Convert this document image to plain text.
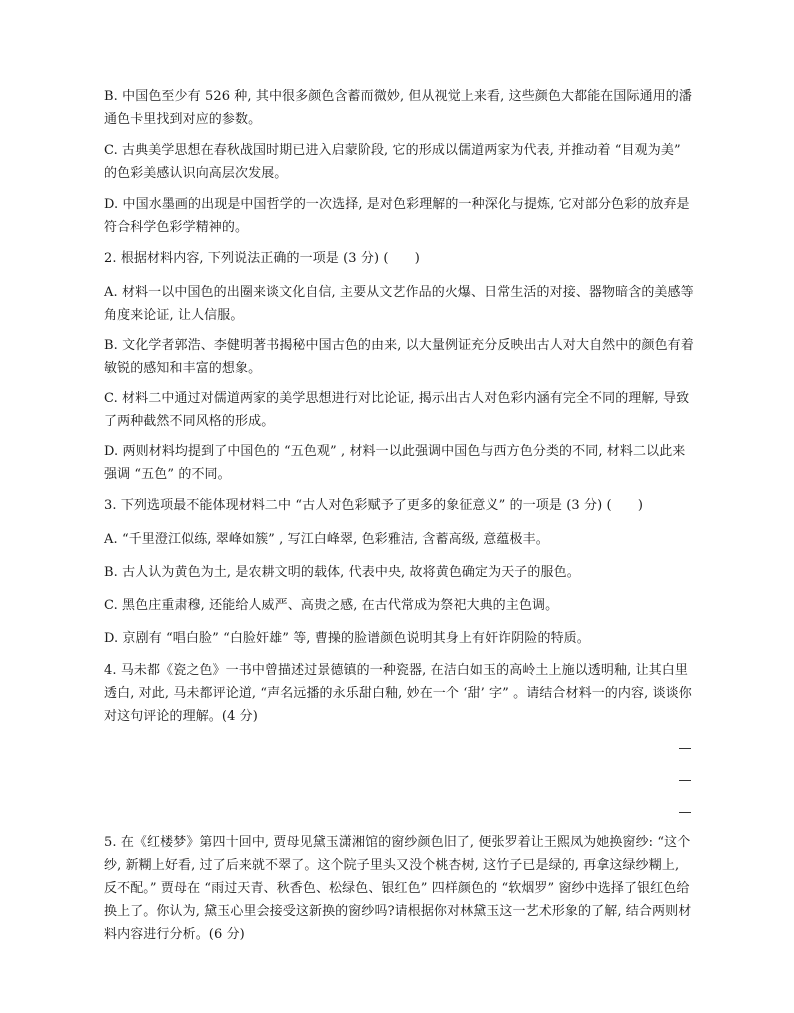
B. 中国色至少有 526 种, 其中很多颜色含蓄而微妙, 但从视觉上来看, 这些颜色大都能在国际通用的潘通色卡里找到对应的参数。

C. 古典美学思想在春秋战国时期已进入启蒙阶段, 它的形成以儒道两家为代表, 并推动着 “目观为美” 的色彩美感认识向高层次发展。

D. 中国水墨画的出现是中国哲学的一次选择, 是对色彩理解的一种深化与提炼, 它对部分色彩的放弃是符合科学色彩学精神的。

2. 根据材料内容, 下列说法正确的一项是 (3 分) (　　)

A. 材料一以中国色的出圈来谈文化自信, 主要从文艺作品的火爆、日常生活的对接、器物暗含的美感等角度来论证, 让人信服。

B. 文化学者郭浩、李健明著书揭秘中国古色的由来, 以大量例证充分反映出古人对大自然中的颜色有着敏锐的感知和丰富的想象。

C. 材料二中通过对儒道两家的美学思想进行对比论证, 揭示出古人对色彩内涵有完全不同的理解, 导致了两种截然不同风格的形成。

D. 两则材料均提到了中国色的 “五色观” , 材料一以此强调中国色与西方色分类的不同, 材料二以此来强调 “五色” 的不同。

3. 下列选项最不能体现材料二中 “古人对色彩赋予了更多的象征意义” 的一项是 (3 分) (　　)

A. “千里澄江似练, 翠峰如簇” , 写江白峰翠, 色彩雅洁, 含蓄高级, 意蕴极丰。

B. 古人认为黄色为土, 是农耕文明的载体, 代表中央, 故将黄色确定为天子的服色。

C. 黑色庄重肃穆, 还能给人威严、高贵之感, 在古代常成为祭祀大典的主色调。

D. 京剧有 “唱白脸” “白脸奸雄” 等, 曹操的脸谱颜色说明其身上有奸诈阴险的特质。

4. 马未都《瓷之色》一书中曾描述过景德镇的一种瓷器, 在洁白如玉的高岭土上施以透明釉, 让其白里透白, 对此, 马未都评论道, “声名远播的永乐甜白釉, 妙在一个 ‘甜’ 字” 。请结合材料一的内容, 谈谈你对这句评论的理解。(4 分)

5. 在《红楼梦》第四十回中, 贾母见黛玉潇湘馆的窗纱颜色旧了, 便张罗着让王熙凤为她换窗纱: “这个纱, 新糊上好看, 过了后来就不翠了。这个院子里头又没个桃杏树, 这竹子已是绿的, 再拿这绿纱糊上, 反不配。” 贾母在 “雨过天青、秋香色、松绿色、银红色” 四样颜色的 “软烟罗” 窗纱中选择了银红色给换上了。你认为, 黛玉心里会接受这新换的窗纱吗?请根据你对林黛玉这一艺术形象的了解, 结合两则材料内容进行分析。(6 分)
